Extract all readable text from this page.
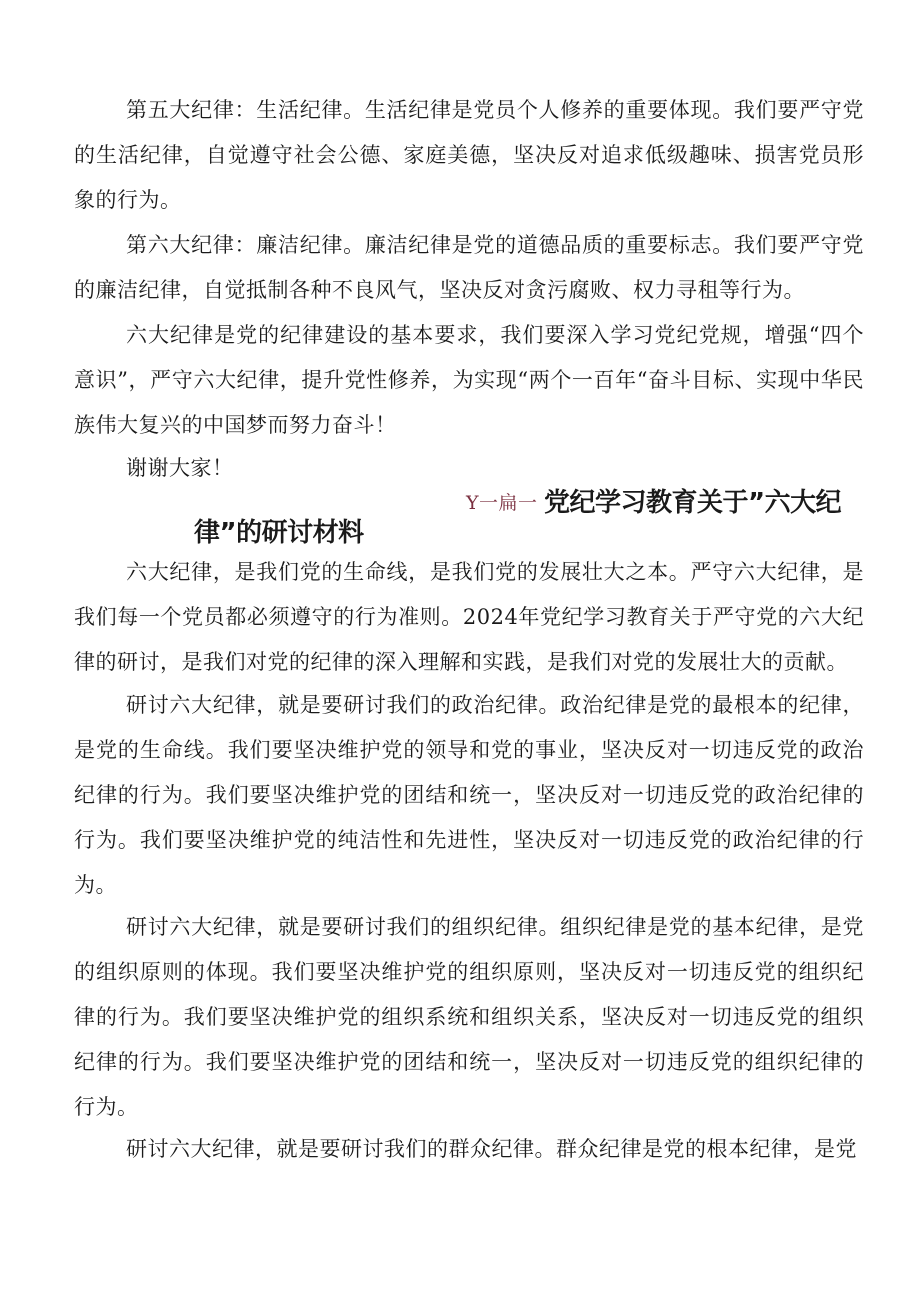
第五大纪律：生活纪律。生活纪律是党员个人修养的重要体现。我们要严守党的生活纪律，自觉遵守社会公德、家庭美德，坚决反对追求低级趣味、损害党员形象的行为。

第六大纪律：廉洁纪律。廉洁纪律是党的道德品质的重要标志。我们要严守党的廉洁纪律，自觉抵制各种不良风气，坚决反对贪污腐败、权力寻租等行为。

六大纪律是党的纪律建设的基本要求，我们要深入学习党纪党规，增强“四个意识”，严守六大纪律，提升党性修养，为实现“两个一百年“奋斗目标、实现中华民族伟大复兴的中国梦而努力奋斗！

谢谢大家！

Y一扁一 党纪学习教育关于”六大纪
律”的研讨材料

六大纪律，是我们党的生命线，是我们党的发展壮大之本。严守六大纪律，是我们每一个党员都必须遵守的行为准则。2024年党纪学习教育关于严守党的六大纪律的研讨，是我们对党的纪律的深入理解和实践，是我们对党的发展壮大的贡献。

研讨六大纪律，就是要研讨我们的政治纪律。政治纪律是党的最根本的纪律，是党的生命线。我们要坚决维护党的领导和党的事业，坚决反对一切违反党的政治纪律的行为。我们要坚决维护党的团结和统一，坚决反对一切违反党的政治纪律的行为。我们要坚决维护党的纯洁性和先进性，坚决反对一切违反党的政治纪律的行为。

研讨六大纪律，就是要研讨我们的组织纪律。组织纪律是党的基本纪律，是党的组织原则的体现。我们要坚决维护党的组织原则，坚决反对一切违反党的组织纪律的行为。我们要坚决维护党的组织系统和组织关系，坚决反对一切违反党的组织纪律的行为。我们要坚决维护党的团结和统一，坚决反对一切违反党的组织纪律的行为。

研讨六大纪律，就是要研讨我们的群众纪律。群众纪律是党的根本纪律，是党
